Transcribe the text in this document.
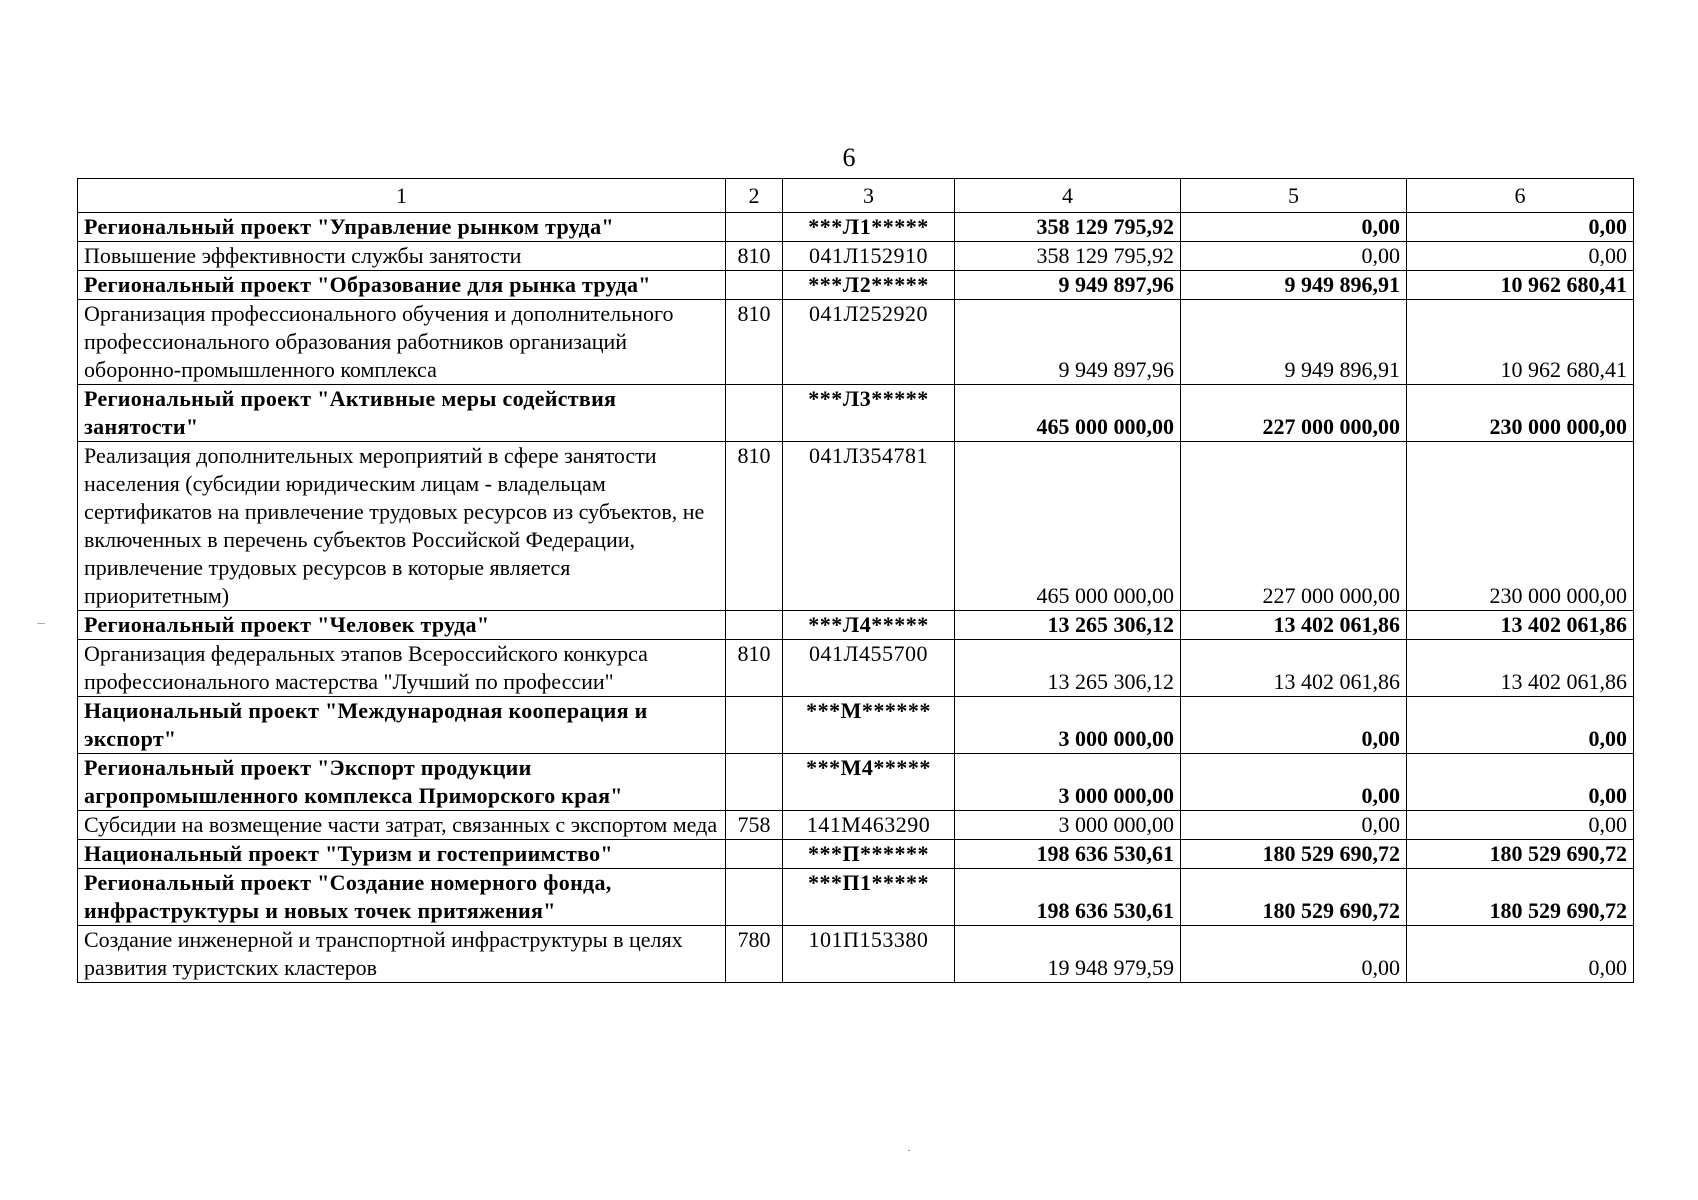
6
1	2	3	4	5	6
Региональный проект "Управление рынком труда"		***Л1*****	358 129 795,92	0,00	0,00
Повышение эффективности службы занятости	810	041Л152910	358 129 795,92	0,00	0,00
Региональный проект "Образование для рынка труда"		***Л2*****	9 949 897,96	9 949 896,91	10 962 680,41
Организация профессионального обучения и дополнительного профессионального образования работников организаций оборонно-промышленного комплекса	810	041Л252920	9 949 897,96	9 949 896,91	10 962 680,41
Региональный проект "Активные меры содействия занятости"		***Л3*****	465 000 000,00	227 000 000,00	230 000 000,00
Реализация дополнительных мероприятий в сфере занятости населения (субсидии юридическим лицам - владельцам сертификатов на привлечение трудовых ресурсов из субъектов, не включенных в перечень субъектов Российской Федерации, привлечение трудовых ресурсов в которые является приоритетным)	810	041Л354781	465 000 000,00	227 000 000,00	230 000 000,00
Региональный проект "Человек труда"		***Л4*****	13 265 306,12	13 402 061,86	13 402 061,86
Организация федеральных этапов Всероссийского конкурса профессионального мастерства "Лучший по профессии"	810	041Л455700	13 265 306,12	13 402 061,86	13 402 061,86
Национальный проект "Международная кооперация и экспорт"		***М******	3 000 000,00	0,00	0,00
Региональный проект "Экспорт продукции агропромышленного комплекса Приморского края"		***М4*****	3 000 000,00	0,00	0,00
Субсидии на возмещение части затрат, связанных с экспортом меда	758	141М463290	3 000 000,00	0,00	0,00
Национальный проект "Туризм и гостеприимство"		***П******	198 636 530,61	180 529 690,72	180 529 690,72
Региональный проект "Создание номерного фонда, инфраструктуры и новых точек притяжения"		***П1*****	198 636 530,61	180 529 690,72	180 529 690,72
Создание инженерной и транспортной инфраструктуры в целях развития туристских кластеров	780	101П153380	19 948 979,59	0,00	0,00
